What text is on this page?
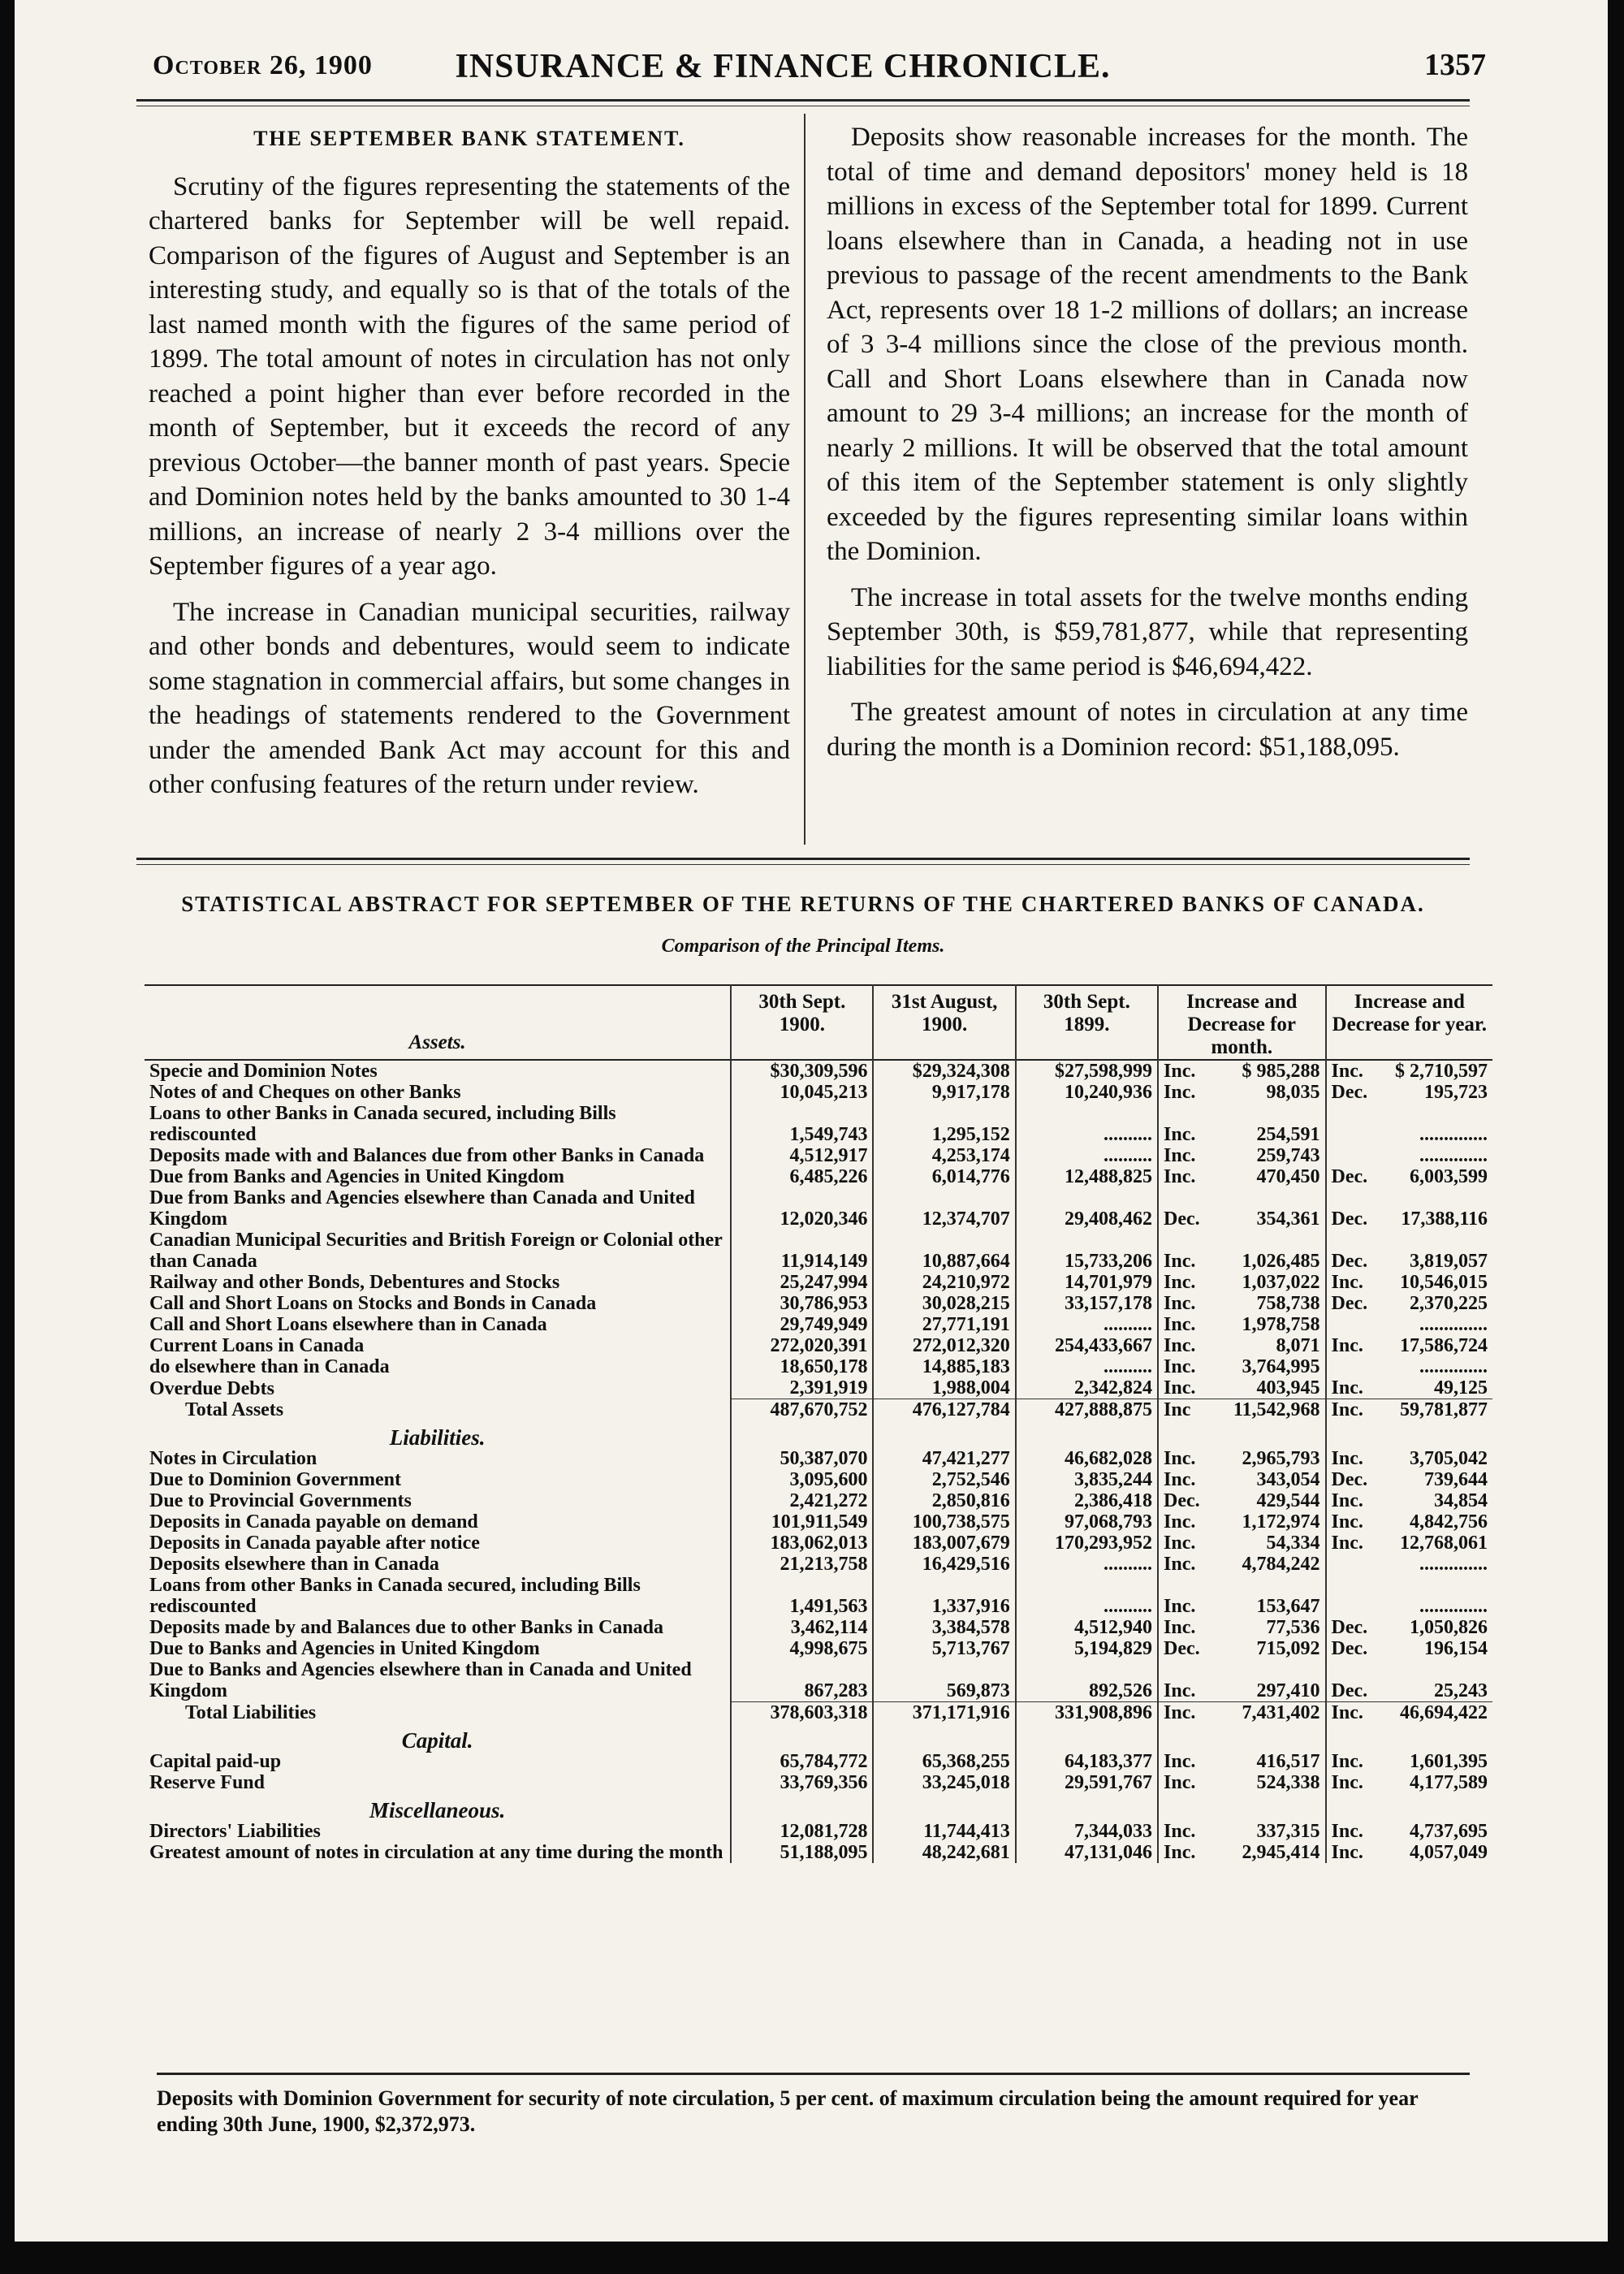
October 26, 1900	INSURANCE & FINANCE CHRONICLE.	1357

THE SEPTEMBER BANK STATEMENT.

Scrutiny of the figures representing the statements of the chartered banks for September will be well repaid. Comparison of the figures of August and September is an interesting study, and equally so is that of the totals of the last named month with the figures of the same period of 1899. The total amount of notes in circulation has not only reached a point higher than ever before recorded in the month of September, but it exceeds the record of any previous October—the banner month of past years. Specie and Dominion notes held by the banks amounted to 30 1-4 millions, an increase of nearly 2 3-4 millions over the September figures of a year ago.

The increase in Canadian municipal securities, railway and other bonds and debentures, would seem to indicate some stagnation in commercial affairs, but some changes in the headings of statements rendered to the Government under the amended Bank Act may account for this and other confusing features of the return under review.

Deposits show reasonable increases for the month. The total of time and demand depositors' money held is 18 millions in excess of the September total for 1899. Current loans elsewhere than in Canada, a heading not in use previous to passage of the recent amendments to the Bank Act, represents over 18 1-2 millions of dollars; an increase of 3 3-4 millions since the close of the previous month. Call and Short Loans elsewhere than in Canada now amount to 29 3-4 millions; an increase for the month of nearly 2 millions. It will be observed that the total amount of this item of the September statement is only slightly exceeded by the figures representing similar loans within the Dominion.

The increase in total assets for the twelve months ending September 30th, is $59,781,877, while that representing liabilities for the same period is $46,694,422.

The greatest amount of notes in circulation at any time during the month is a Dominion record: $51,188,095.

STATISTICAL ABSTRACT FOR SEPTEMBER OF THE RETURNS OF THE CHARTERED BANKS OF CANADA.
Comparison of the Principal Items.
Assets.	30th Sept. 1900.	31st August, 1900.	30th Sept. 1899.	Increase and Decrease for month.		Increase and Decrease for year.	
Specie and Dominion Notes	$30,309,596	$29,324,308	$27,598,999	Inc.	$ 985,288	Inc.	$ 2,710,597
Notes of and Cheques on other Banks	10,045,213	9,917,178	10,240,936	Inc.	98,035	Dec.	195,723
Loans to other Banks in Canada secured, including Bills rediscounted	1,549,743	1,295,152	..........	Inc.	254,591		..............
Deposits made with and Balances due from other Banks in Canada	4,512,917	4,253,174	..........	Inc.	259,743		..............
Due from Banks and Agencies in United Kingdom	6,485,226	6,014,776	12,488,825	Inc.	470,450	Dec.	6,003,599
Due from Banks and Agencies elsewhere than Canada and United Kingdom	12,020,346	12,374,707	29,408,462	Dec.	354,361	Dec.	17,388,116
Canadian Municipal Securities and British Foreign or Colonial other than Canada	11,914,149	10,887,664	15,733,206	Inc.	1,026,485	Dec.	3,819,057
Railway and other Bonds, Debentures and Stocks	25,247,994	24,210,972	14,701,979	Inc.	1,037,022	Inc.	10,546,015
Call and Short Loans on Stocks and Bonds in Canada	30,786,953	30,028,215	33,157,178	Inc.	758,738	Dec.	2,370,225
Call and Short Loans elsewhere than in Canada	29,749,949	27,771,191	..........	Inc.	1,978,758		..............
Current Loans in Canada	272,020,391	272,012,320	254,433,667	Inc.	8,071	Inc.	17,586,724
do elsewhere than in Canada	18,650,178	14,885,183	..........	Inc.	3,764,995		..............
Overdue Debts	2,391,919	1,988,004	2,342,824	Inc.	403,945	Inc.	49,125
Total Assets	487,670,752	476,127,784	427,888,875	Inc	11,542,968	Inc.	59,781,877
Liabilities.							
Notes in Circulation	50,387,070	47,421,277	46,682,028	Inc.	2,965,793	Inc.	3,705,042
Due to Dominion Government	3,095,600	2,752,546	3,835,244	Inc.	343,054	Dec.	739,644
Due to Provincial Governments	2,421,272	2,850,816	2,386,418	Dec.	429,544	Inc.	34,854
Deposits in Canada payable on demand	101,911,549	100,738,575	97,068,793	Inc.	1,172,974	Inc.	4,842,756
Deposits in Canada payable after notice	183,062,013	183,007,679	170,293,952	Inc.	54,334	Inc.	12,768,061
Deposits elsewhere than in Canada	21,213,758	16,429,516	..........	Inc.	4,784,242		..............
Loans from other Banks in Canada secured, including Bills rediscounted	1,491,563	1,337,916	..........	Inc.	153,647		..............
Deposits made by and Balances due to other Banks in Canada	3,462,114	3,384,578	4,512,940	Inc.	77,536	Dec.	1,050,826
Due to Banks and Agencies in United Kingdom	4,998,675	5,713,767	5,194,829	Dec.	715,092	Dec.	196,154
Due to Banks and Agencies elsewhere than in Canada and United Kingdom	867,283	569,873	892,526	Inc.	297,410	Dec.	25,243
Total Liabilities	378,603,318	371,171,916	331,908,896	Inc.	7,431,402	Inc.	46,694,422
Capital.							
Capital paid-up	65,784,772	65,368,255	64,183,377	Inc.	416,517	Inc.	1,601,395
Reserve Fund	33,769,356	33,245,018	29,591,767	Inc.	524,338	Inc.	4,177,589
Miscellaneous.							
Directors' Liabilities	12,081,728	11,744,413	7,344,033	Inc.	337,315	Inc.	4,737,695
Greatest amount of notes in circulation at any time during the month	51,188,095	48,242,681	47,131,046	Inc.	2,945,414	Inc.	4,057,049
Deposits with Dominion Government for security of note circulation, 5 per cent. of maximum circulation being the amount required for year ending 30th June, 1900, $2,372,973.
